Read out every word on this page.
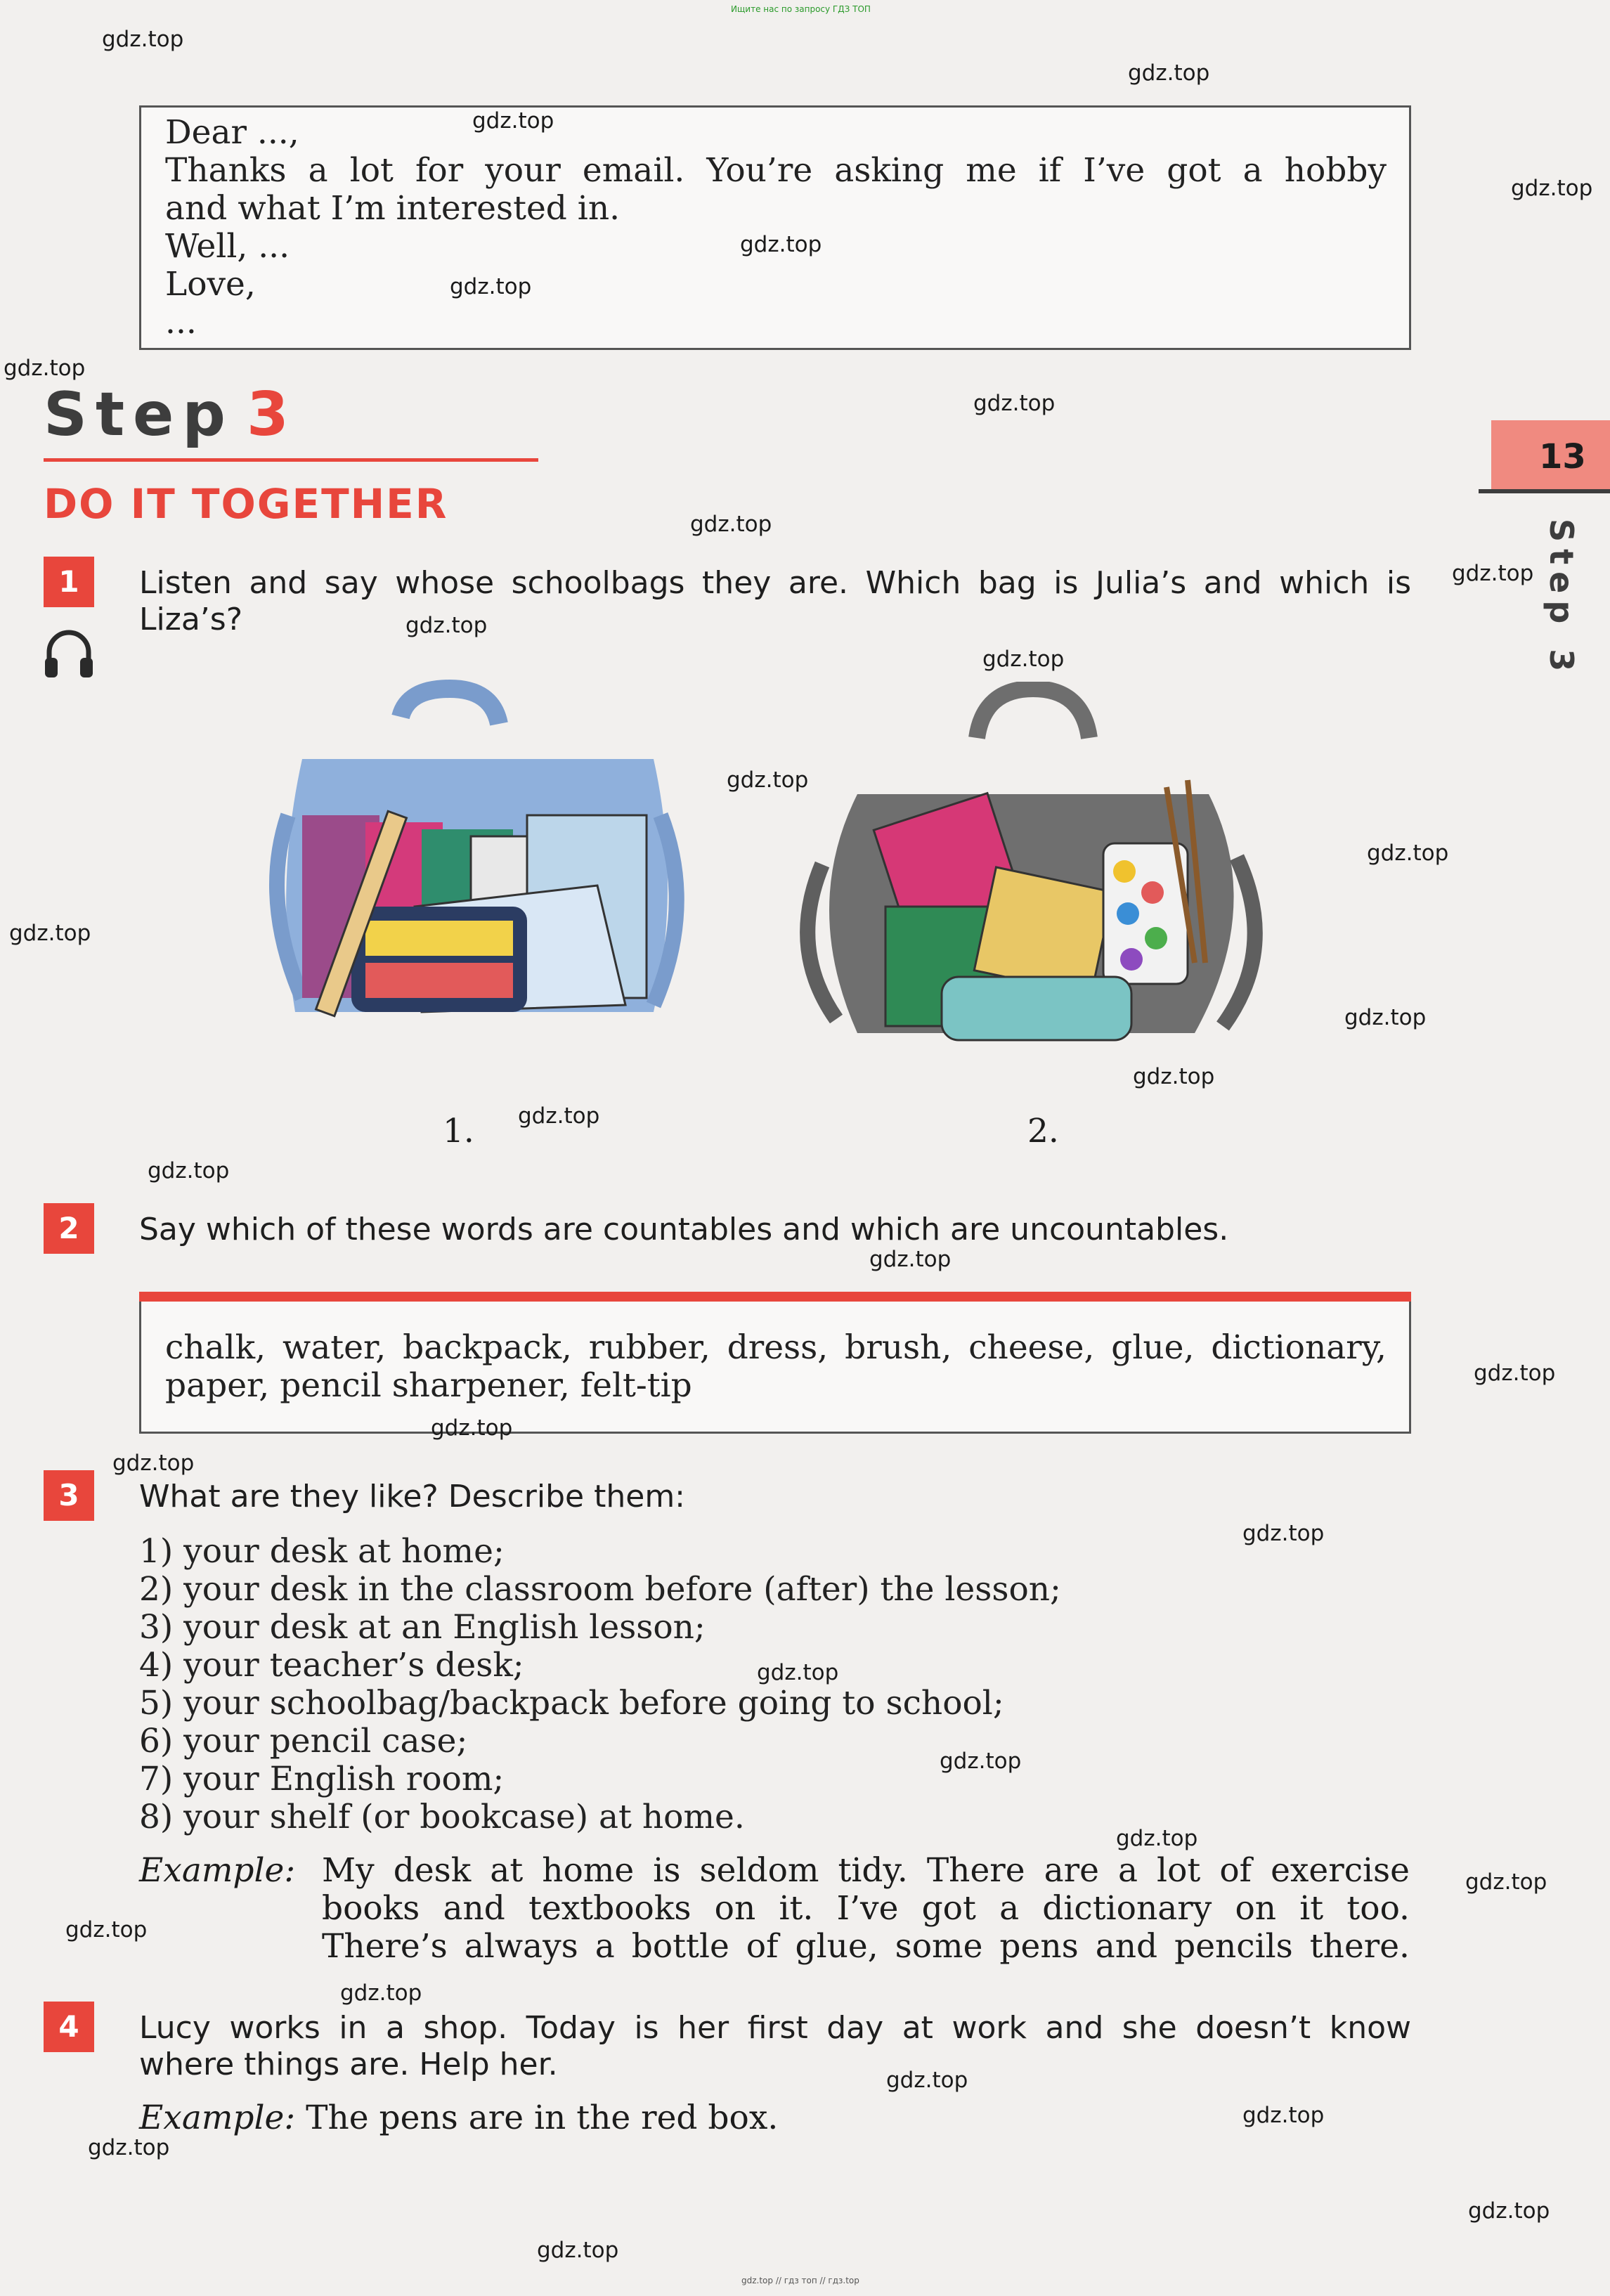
Ищите нас по запросу ГДЗ ТОП
gdz.top // гдз топ // гдз.top
Dear ...,
Thanks a lot for your email. You’re asking me if I’ve got a hobby
and what I’m interested in.
Well, ...
Love,
...
Step 3
DO IT TOGETHER
13
Step 3
1	Listen and say whose schoolbags they are. Which bag is Julia’s and which is
Liza’s?
1.	2.
2	Say which of these words are countables and which are uncountables.
chalk, water, backpack, rubber, dress, brush, cheese, glue, dictionary,
paper, pencil sharpener, felt-tip
3	What are they like? Describe them:
1) your desk at home;
2) your desk in the classroom before (after) the lesson;
3) your desk at an English lesson;
4) your teacher’s desk;
5) your schoolbag/backpack before going to school;
6) your pencil case;
7) your English room;
8) your shelf (or bookcase) at home.
Example: My desk at home is seldom tidy. There are a lot of exercise
books and textbooks on it. I’ve got a dictionary on it too.
There’s always a bottle of glue, some pens and pencils there.
4	Lucy works in a shop. Today is her first day at work and she doesn’t know
where things are. Help her.
Example: The pens are in the red box.
gdz.top
gdz.top
gdz.top
gdz.top
gdz.top
gdz.top
gdz.top
gdz.top
gdz.top
gdz.top
gdz.top
gdz.top
gdz.top
gdz.top
gdz.top
gdz.top
gdz.top
gdz.top
gdz.top
gdz.top
gdz.top
gdz.top
gdz.top
gdz.top
gdz.top
gdz.top
gdz.top
gdz.top
gdz.top
gdz.top
gdz.top
gdz.top
gdz.top
gdz.top
gdz.top
